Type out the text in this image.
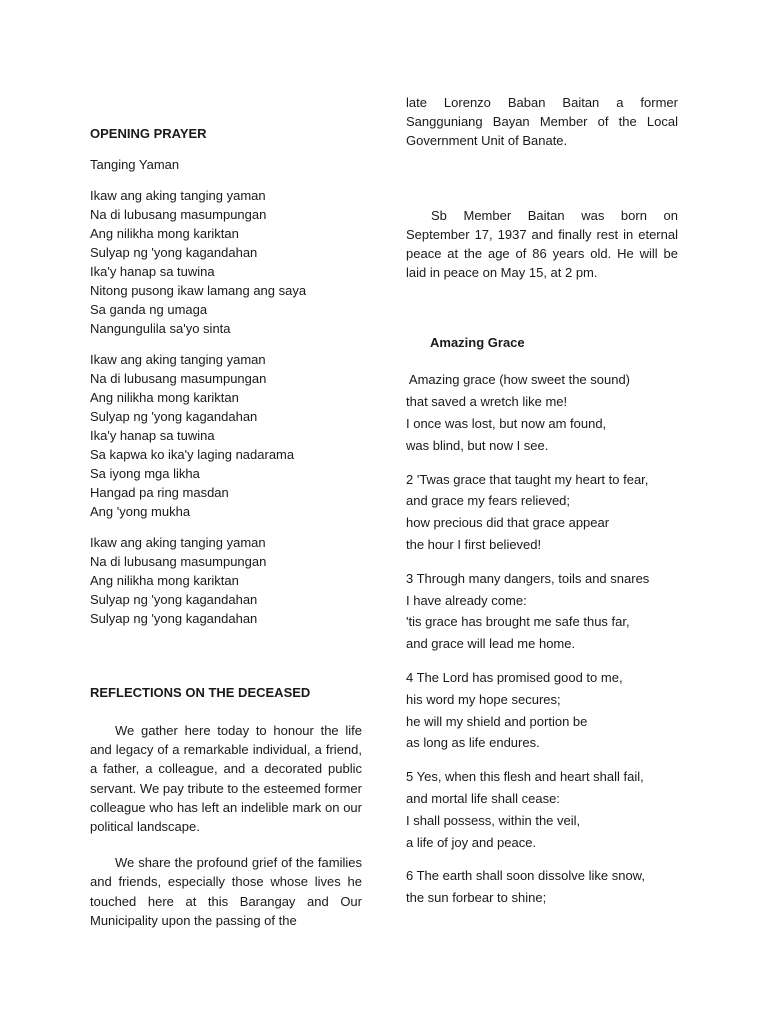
OPENING PRAYER
Tanging Yaman
Ikaw ang aking tanging yaman
Na di lubusang masumpungan
Ang nilikha mong kariktan
Sulyap ng 'yong kagandahan
Ika'y hanap sa tuwina
Nitong pusong ikaw lamang ang saya
Sa ganda ng umaga
Nangungulila sa'yo sinta
Ikaw ang aking tanging yaman
Na di lubusang masumpungan
Ang nilikha mong kariktan
Sulyap ng 'yong kagandahan
Ika'y hanap sa tuwina
Sa kapwa ko ika'y laging nadarama
Sa iyong mga likha
Hangad pa ring masdan
Ang 'yong mukha
Ikaw ang aking tanging yaman
Na di lubusang masumpungan
Ang nilikha mong kariktan
Sulyap ng 'yong kagandahan
Sulyap ng 'yong kagandahan
REFLECTIONS ON THE DECEASED

We gather here today to honour the life and legacy of a remarkable individual, a friend, a father, a colleague, and a decorated public servant. We pay tribute to the esteemed former colleague who has left an indelible mark on our political landscape.

We share the profound grief of the families and friends, especially those whose lives he touched here at this Barangay and Our Municipality upon the passing of the

late Lorenzo Baban Baitan a former Sangguniang Bayan Member of the Local Government Unit of Banate.

Sb Member Baitan was born on September 17, 1937 and finally rest in eternal peace at the age of 86 years old. He will be laid in peace on May 15, at 2 pm.

Amazing Grace
Amazing grace (how sweet the sound)
that saved a wretch like me!
I once was lost, but now am found,
was blind, but now I see.
2 'Twas grace that taught my heart to fear,
and grace my fears relieved;
how precious did that grace appear
the hour I first believed!
3 Through many dangers, toils and snares
I have already come:
'tis grace has brought me safe thus far,
and grace will lead me home.
4 The Lord has promised good to me,
his word my hope secures;
he will my shield and portion be
as long as life endures.
5 Yes, when this flesh and heart shall fail,
and mortal life shall cease:
I shall possess, within the veil,
a life of joy and peace.
6 The earth shall soon dissolve like snow,
the sun forbear to shine;
